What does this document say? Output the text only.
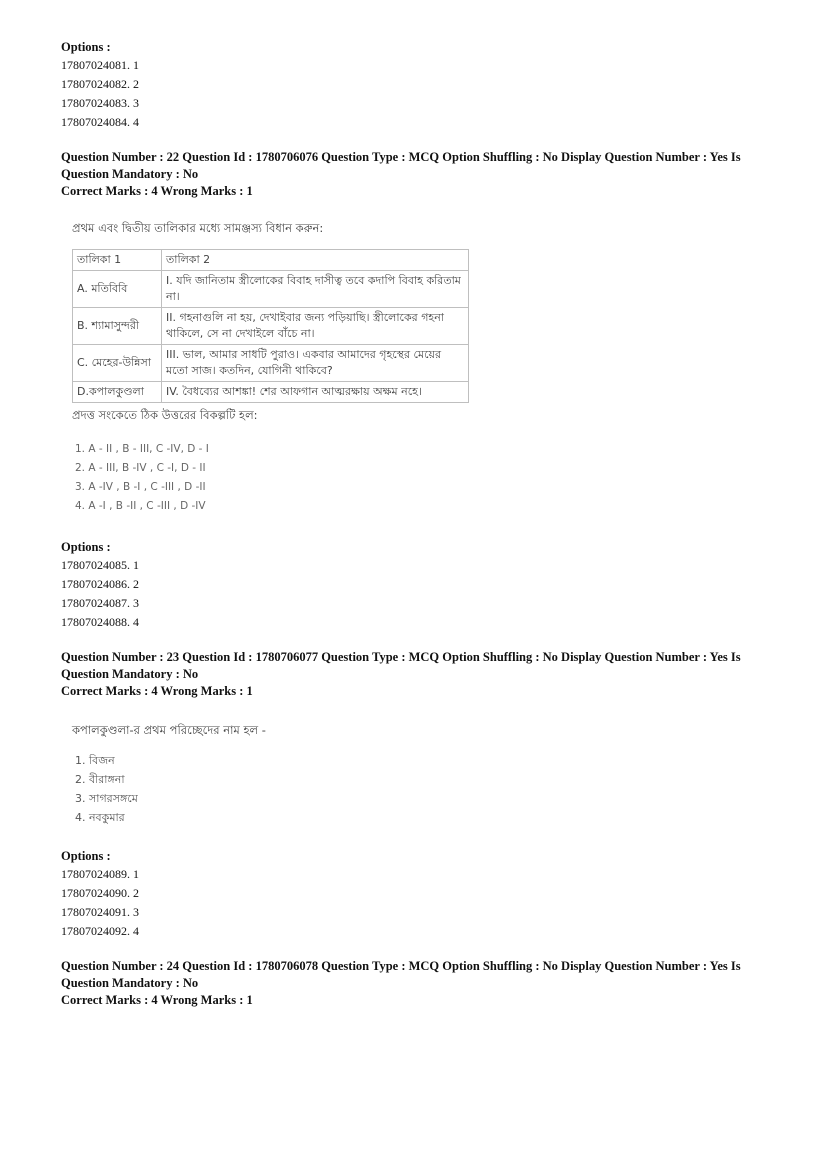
Options :
17807024081. 1
17807024082. 2
17807024083. 3
17807024084. 4
Question Number : 22 Question Id : 1780706076 Question Type : MCQ Option Shuffling : No Display Question Number : Yes Is
Question Mandatory : No
Correct Marks : 4 Wrong Marks : 1
প্রথম এবং দ্বিতীয় তালিকার মধ্যে সামঞ্জস্য বিধান করুন:
তালিকা 1	তালিকা 2
A. মতিবিবি	I. যদি জানিতাম স্ত্রীলোকের বিবাহ দাসীত্ব তবে কদাপি বিবাহ করিতাম না।
B. শ্যামাসুন্দরী	II. গহনাগুলি না হয়, দেখাইবার জন্য পড়িয়াছি। স্ত্রীলোকের গহনা থাকিলে, সে না দেখাইলে বাঁচে না।
C. মেহের-উন্নিসা	III. ভাল, আমার সাধটি পুরাও। একবার আমাদের গৃহস্থের মেয়ের মতো সাজ। কতদিন, যোগিনী থাকিবে?
D.কপালকুণ্ডলা	IV. বৈধব্যের আশঙ্কা! শের আফগান আত্মরক্ষায় অক্ষম নহে।
প্রদত্ত সংকেতে ঠিক উত্তরের বিকল্পটি হল:
1. A - II , B - III, C -IV, D - I
2. A - III, B -IV , C -I, D - II
3. A -IV , B -I , C -III , D -II
4. A -I , B -II , C -III , D -IV
Options :
17807024085. 1
17807024086. 2
17807024087. 3
17807024088. 4
Question Number : 23 Question Id : 1780706077 Question Type : MCQ Option Shuffling : No Display Question Number : Yes Is
Question Mandatory : No
Correct Marks : 4 Wrong Marks : 1
কপালকুণ্ডলা-র প্রথম পরিচ্ছেদের নাম হল -
1. বিজন
2. বীরাঙ্গনা
3. সাগরসঙ্গমে
4. নবকুমার
Options :
17807024089. 1
17807024090. 2
17807024091. 3
17807024092. 4
Question Number : 24 Question Id : 1780706078 Question Type : MCQ Option Shuffling : No Display Question Number : Yes Is
Question Mandatory : No
Correct Marks : 4 Wrong Marks : 1
